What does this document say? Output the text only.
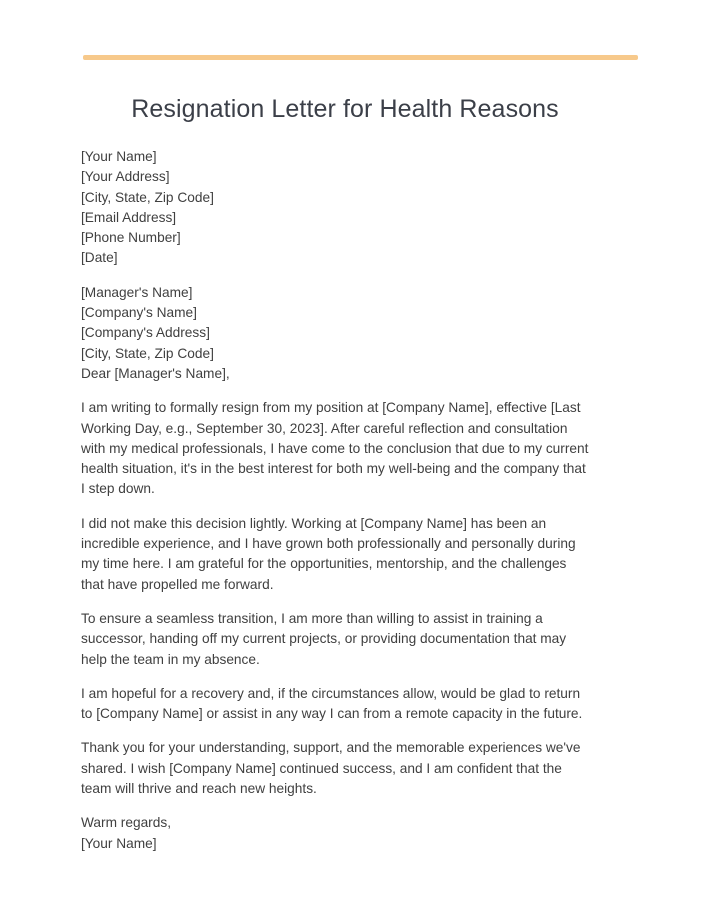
Resignation Letter for Health Reasons
[Your Name]
[Your Address]
[City, State, Zip Code]
[Email Address]
[Phone Number]
[Date]
[Manager's Name]
[Company's Name]
[Company's Address]
[City, State, Zip Code]
Dear [Manager's Name],
I am writing to formally resign from my position at [Company Name], effective [Last
Working Day, e.g., September 30, 2023]. After careful reflection and consultation
with my medical professionals, I have come to the conclusion that due to my current
health situation, it's in the best interest for both my well-being and the company that
I step down.
I did not make this decision lightly. Working at [Company Name] has been an
incredible experience, and I have grown both professionally and personally during
my time here. I am grateful for the opportunities, mentorship, and the challenges
that have propelled me forward.
To ensure a seamless transition, I am more than willing to assist in training a
successor, handing off my current projects, or providing documentation that may
help the team in my absence.
I am hopeful for a recovery and, if the circumstances allow, would be glad to return
to [Company Name] or assist in any way I can from a remote capacity in the future.
Thank you for your understanding, support, and the memorable experiences we've
shared. I wish [Company Name] continued success, and I am confident that the
team will thrive and reach new heights.
Warm regards,
[Your Name]
